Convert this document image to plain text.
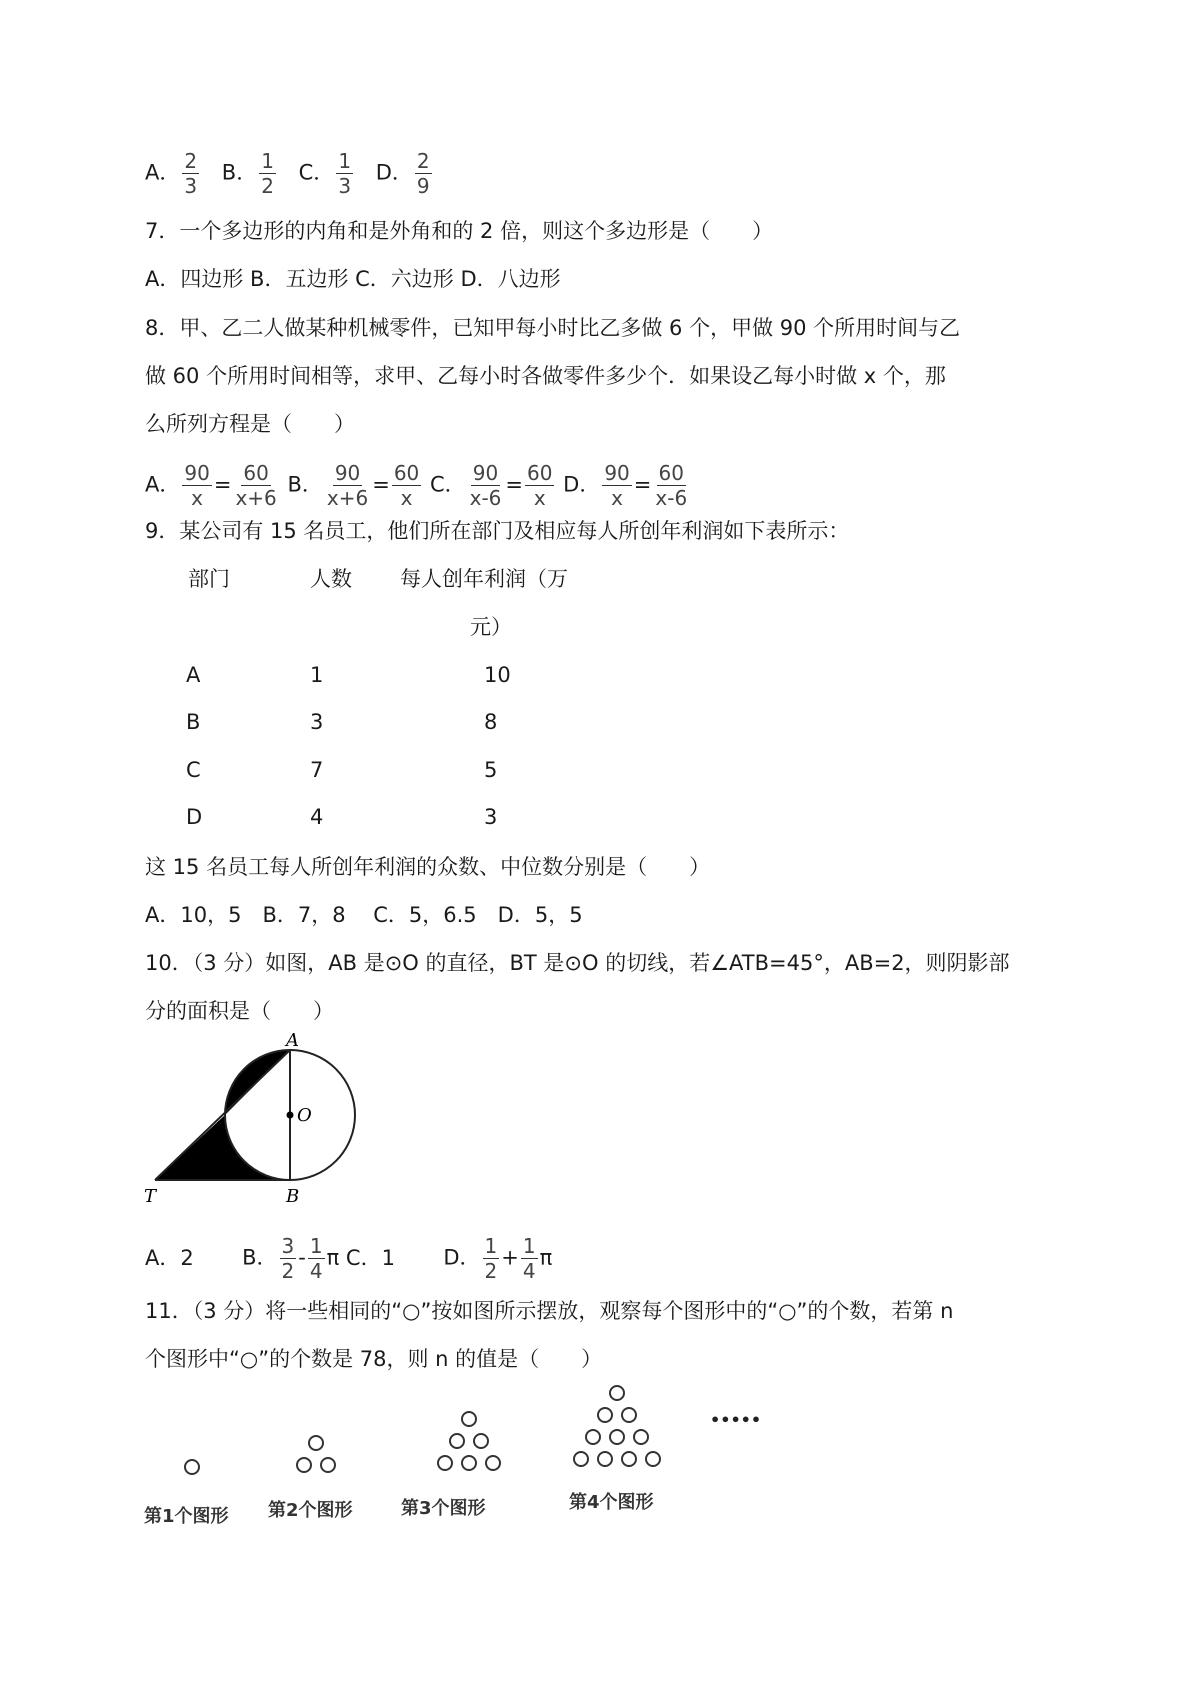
A． $\frac{2}{3}$ B． $\frac{1}{2}$ C． $\frac{1}{3}$ D． $\frac{2}{9}$
7．一个多边形的内角和是外角和的 2 倍，则这个多边形是（　　）
A．四边形 B．五边形 C．六边形 D．八边形
8．甲、乙二人做某种机械零件，已知甲每小时比乙多做 6 个，甲做 90 个所用时间与乙
做 60 个所用时间相等，求甲、乙每小时各做零件多少个．如果设乙每小时做 x 个，那
么所列方程是（　　）
A． $\frac{90}{x} = \frac{60}{x+6}$ B． $\frac{90}{x+6} = \frac{60}{x}$ C． $\frac{90}{x-6} = \frac{60}{x}$ D． $\frac{90}{x} = \frac{60}{x-6}$
9．某公司有 15 名员工，他们所在部门及相应每人所创年利润如下表所示：
部门	人数 每人创年利润（万
元）
A	1	10
B	3	8
C	7	5
D	4	3
这 15 名员工每人所创年利润的众数、中位数分别是（　　）
A．10，5　B．7，8　 C．5，6.5　D．5，5
10．（3 分）如图，AB 是⊙O 的直径，BT 是⊙O 的切线，若∠ATB=45°，AB=2，则阴影部
分的面积是（　　）
A
O
B
T
A．2　  B． $\frac{3}{2} - \frac{1}{4}$ π C．1　  D． $\frac{1}{2} + \frac{1}{4}$ π
11．（3 分）将一些相同的“○”按如图所示摆放，观察每个图形中的“○”的个数，若第 n
个图形中“○”的个数是 78，则 n 的值是（　　）
•••••
第1个图形 第2个图形	第3个图形	第4个图形
